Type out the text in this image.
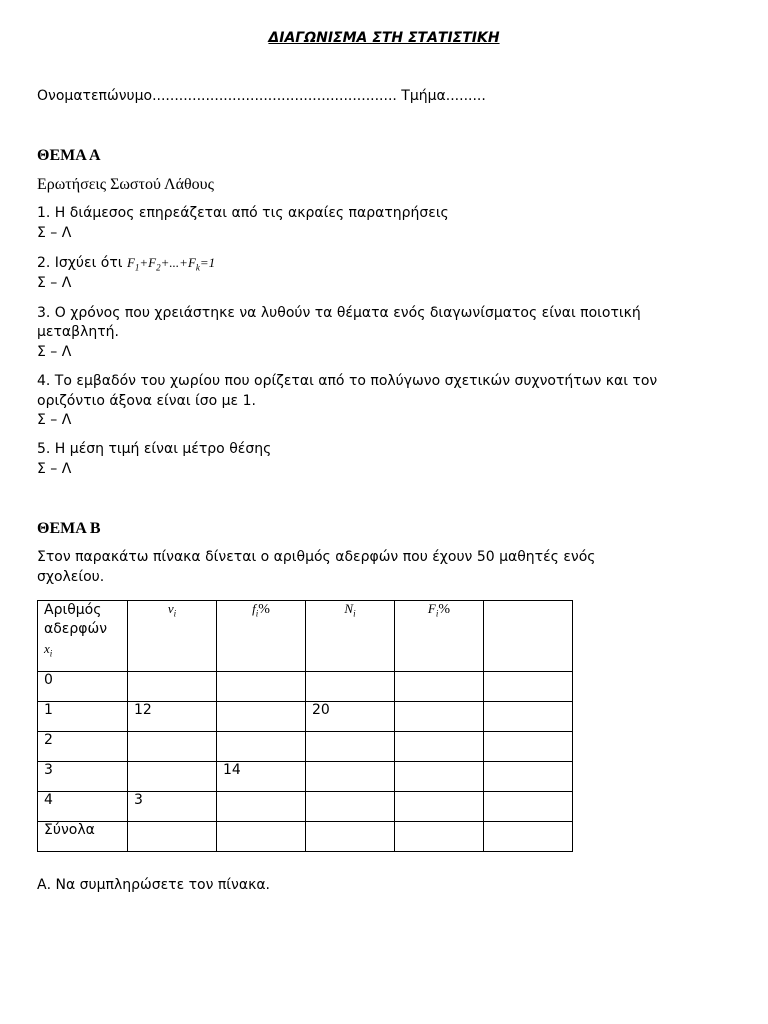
ΔΙΑΓΩΝΙΣΜΑ ΣΤΗ ΣΤΑΤΙΣΤΙΚΗ
Ονοματεπώνυμο....................................................... Τμήμα.........
ΘΕΜΑ Α
Ερωτήσεις Σωστού Λάθους
1. Η διάμεσος επηρεάζεται από τις ακραίες παρατηρήσεις
Σ – Λ
2. Ισχύει ότι $F_1+F_2+...+F_k=1$
Σ – Λ
3. Ο χρόνος που χρειάστηκε να λυθούν τα θέματα ενός διαγωνίσματος είναι ποιοτική
μεταβλητή.
Σ – Λ
4. Το εμβαδόν του χωρίου που ορίζεται από το πολύγωνο σχετικών συχνοτήτων και τον
οριζόντιο άξονα είναι ίσο με 1.
Σ – Λ
5. Η μέση τιμή είναι μέτρο θέσης
Σ – Λ
ΘΕΜΑ Β
Στον παρακάτω πίνακα δίνεται ο αριθμός αδερφών που έχουν 50 μαθητές ενός
σχολείου.
Αριθμός
αδερφών
$x_i$	$\nu_i$	$f_i\%$	$N_i$	$F_i\%$	
0					
1	12		20		
2					
3		14			
4	3				
Σύνολα					
Α. Να συμπληρώσετε τον πίνακα.
